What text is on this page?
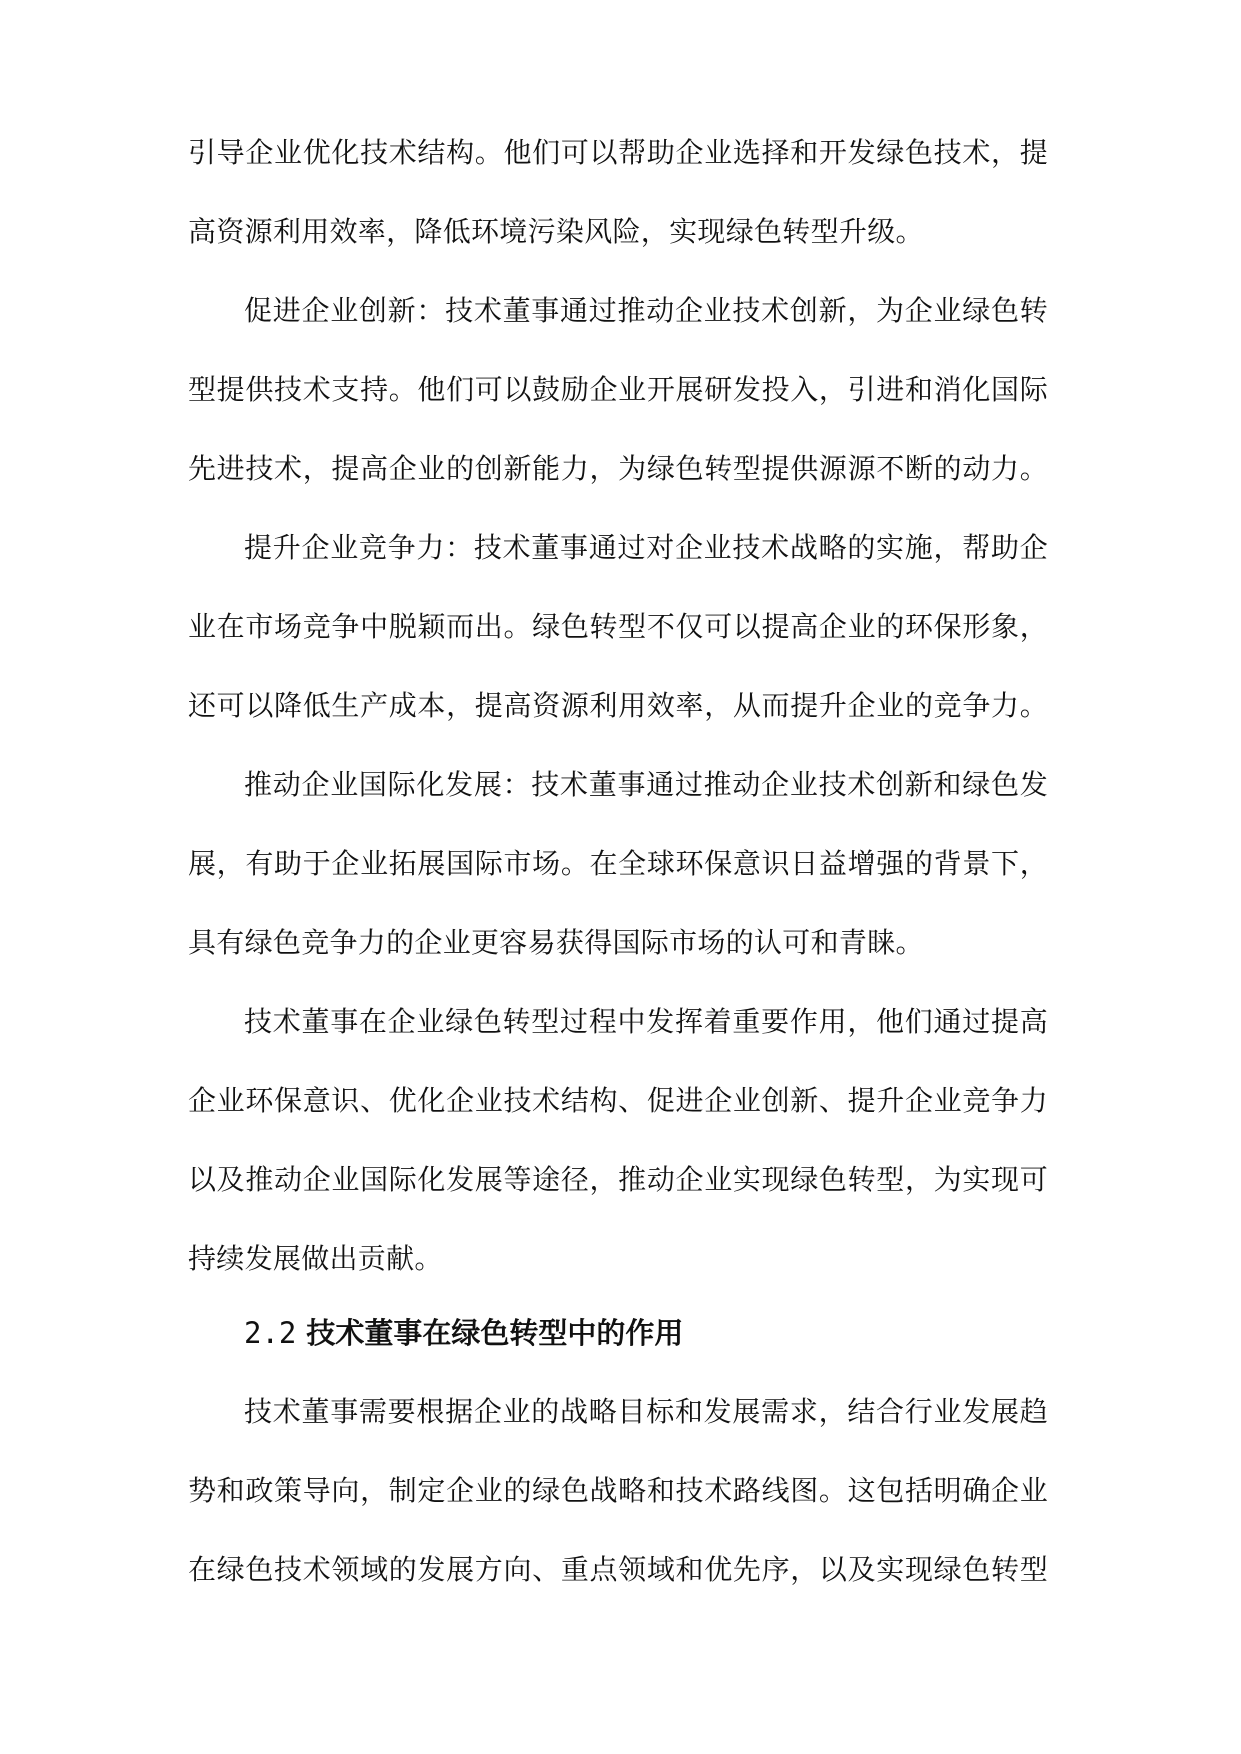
引导企业优化技术结构。他们可以帮助企业选择和开发绿色技术，提
高资源利用效率，降低环境污染风险，实现绿色转型升级。
促进企业创新：技术董事通过推动企业技术创新，为企业绿色转
型提供技术支持。他们可以鼓励企业开展研发投入，引进和消化国际
先进技术，提高企业的创新能力，为绿色转型提供源源不断的动力。
提升企业竞争力：技术董事通过对企业技术战略的实施，帮助企
业在市场竞争中脱颖而出。绿色转型不仅可以提高企业的环保形象，
还可以降低生产成本，提高资源利用效率，从而提升企业的竞争力。
推动企业国际化发展：技术董事通过推动企业技术创新和绿色发
展，有助于企业拓展国际市场。在全球环保意识日益增强的背景下，
具有绿色竞争力的企业更容易获得国际市场的认可和青睐。
技术董事在企业绿色转型过程中发挥着重要作用，他们通过提高
企业环保意识、优化企业技术结构、促进企业创新、提升企业竞争力
以及推动企业国际化发展等途径，推动企业实现绿色转型，为实现可
持续发展做出贡献。
2.2 技术董事在绿色转型中的作用
技术董事需要根据企业的战略目标和发展需求，结合行业发展趋
势和政策导向，制定企业的绿色战略和技术路线图。这包括明确企业
在绿色技术领域的发展方向、重点领域和优先序，以及实现绿色转型
